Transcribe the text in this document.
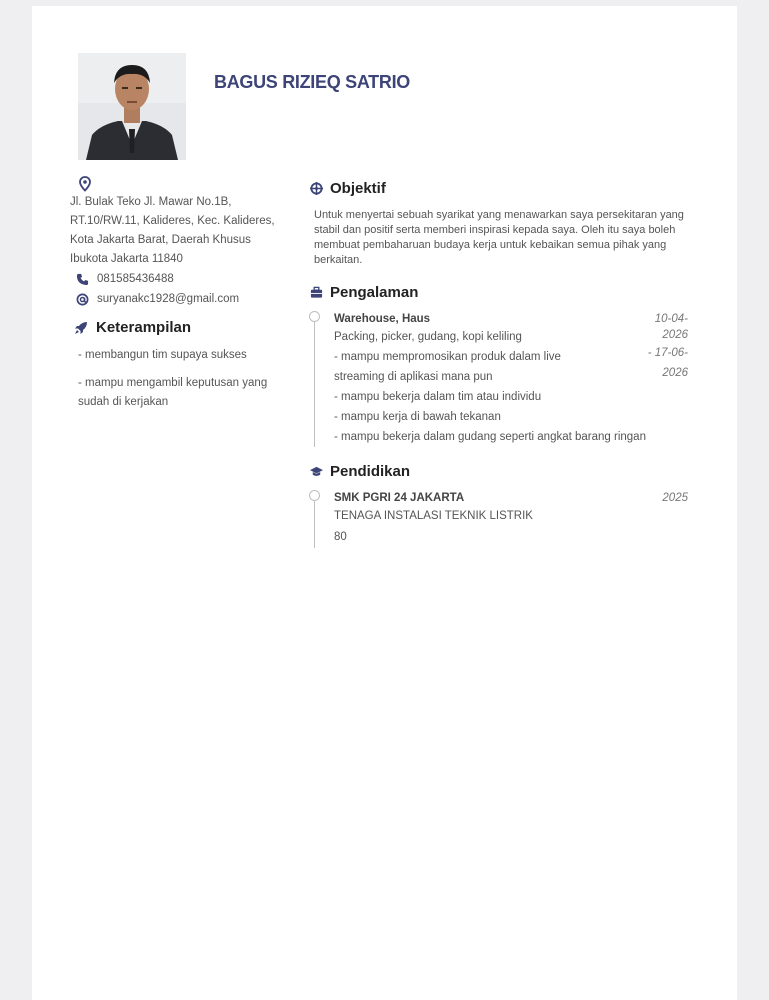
BAGUS RIZIEQ SATRIO
Jl. Bulak Teko Jl. Mawar No.1B,
RT.10/RW.11, Kalideres, Kec. Kalideres,
Kota Jakarta Barat, Daerah Khusus
Ibukota Jakarta 11840
081585436488
suryanakc1928@gmail.com
Keterampilan
- membangun tim supaya sukses
- mampu mengambil keputusan yang sudah di kerjakan
Objektif
Untuk menyertai sebuah syarikat yang menawarkan saya persekitaran yang stabil dan positif serta memberi inspirasi kepada saya. Oleh itu saya boleh membuat pembaharuan budaya kerja untuk kebaikan semua pihak yang berkaitan.
Pengalaman
Warehouse, Haus
Packing, picker, gudang, kopi keliling
- mampu mempromosikan produk dalam live
streaming di aplikasi mana pun
- mampu bekerja dalam tim atau individu
- mampu kerja di bawah tekanan
- mampu bekerja dalam gudang seperti angkat barang ringan
10-04-2026
- 17-06-
2026
Pendidikan
SMK PGRI 24 JAKARTA
TENAGA INSTALASI TEKNIK LISTRIK
80
2025
